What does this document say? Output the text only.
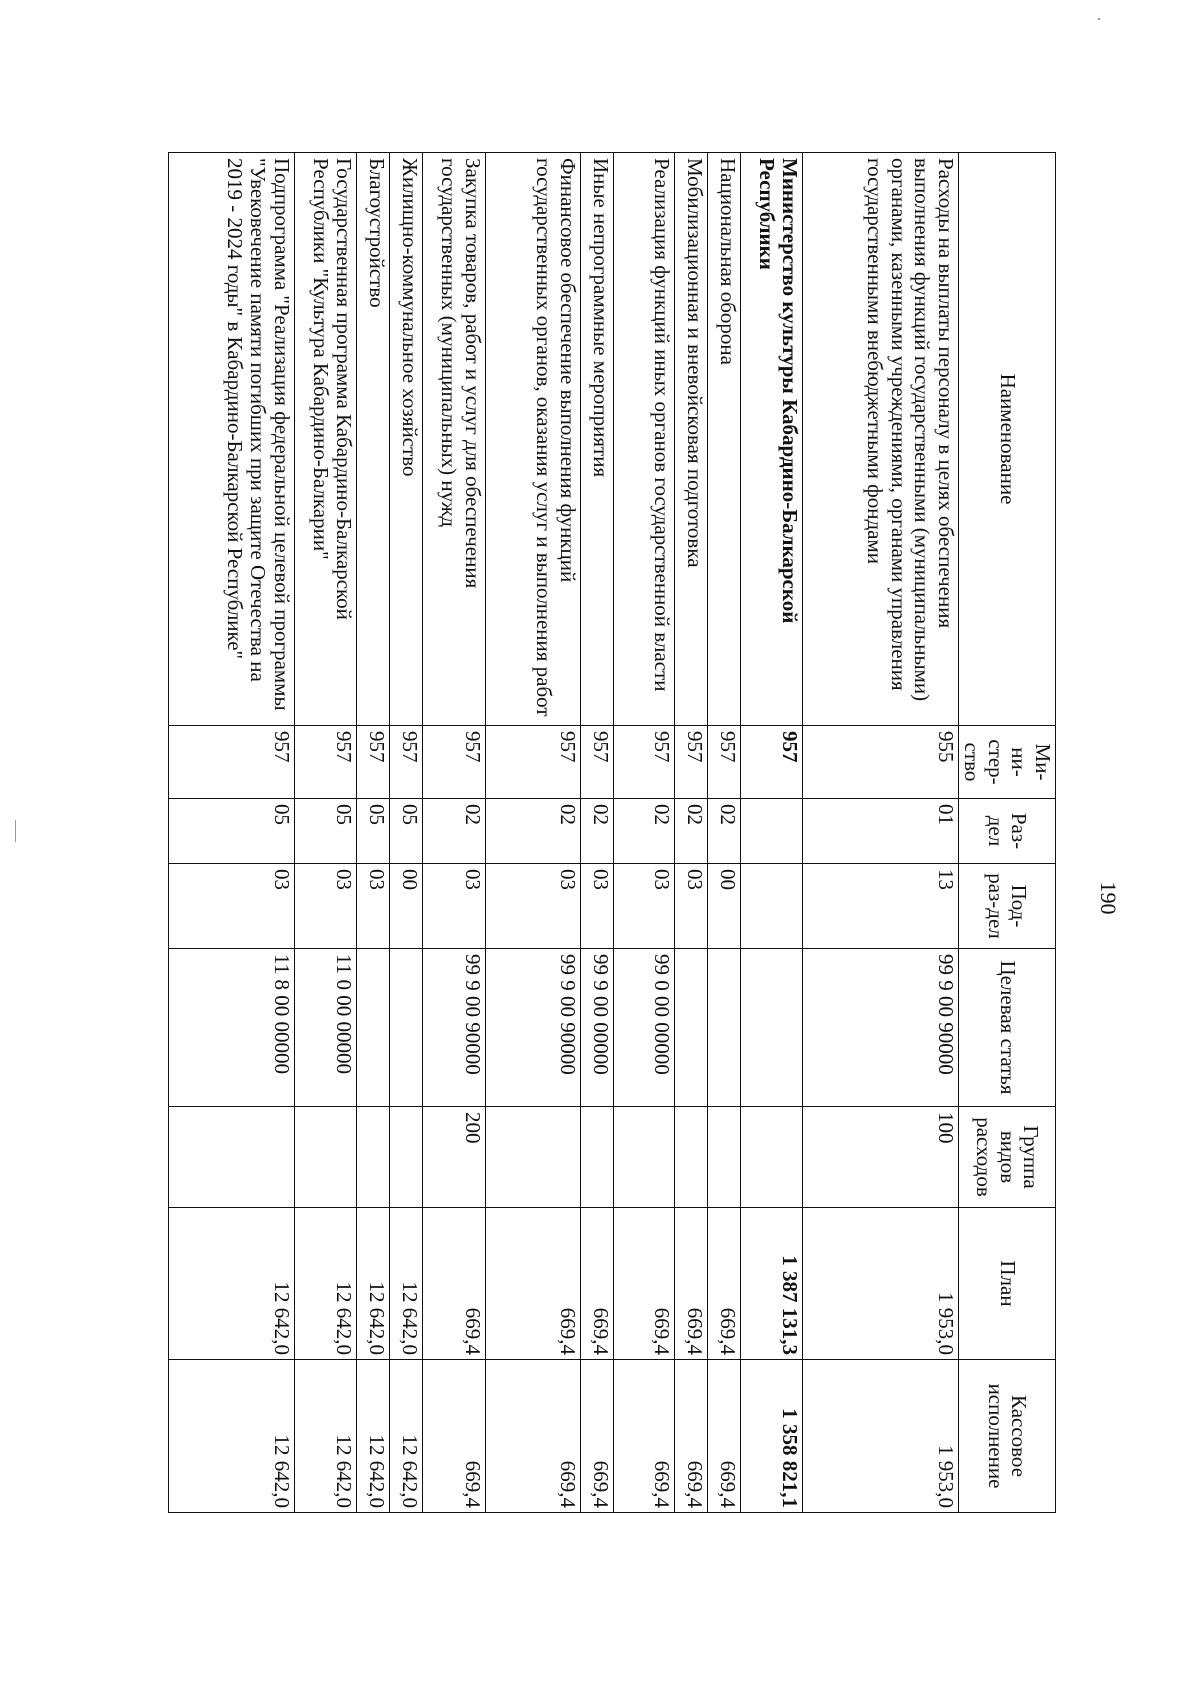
190
Наименование	Ми-ни-стер-ство	Раз-дел	Под-раз-дел	Целевая статья	Группа видов расходов	План	Кассовое исполнение
Расходы на выплаты персоналу в целях обеспечения выполнения функций государственными (муниципальными) органами, казенными учреждениями, органами управления государственными внебюджетными фондами	955	01	13	99 9 00 90000	100	1 953,0	1 953,0
Министерство культуры Кабардино-Балкарской Республики	957					1 387 131,3	1 358 821,1
Национальная оборона	957	02	00			669,4	669,4
Мобилизационная и вневойсковая подготовка	957	02	03			669,4	669,4
Реализация функций иных органов государственной власти	957	02	03	99 0 00 00000		669,4	669,4
Иные непрограммные мероприятия	957	02	03	99 9 00 00000		669,4	669,4
Финансовое обеспечение выполнения функций государственных органов, оказания услуг и выполнения работ	957	02	03	99 9 00 90000		669,4	669,4
Закупка товаров, работ и услуг для обеспечения государственных (муниципальных) нужд	957	02	03	99 9 00 90000	200	669,4	669,4
Жилищно-коммунальное хозяйство	957	05	00			12 642,0	12 642,0
Благоустройство	957	05	03			12 642,0	12 642,0
Государственная программа Кабардино-Балкарской Республики "Культура Кабардино-Балкарии"	957	05	03	11 0 00 00000		12 642,0	12 642,0
Подпрограмма "Реализация федеральной целевой программы "Увековечение памяти погибших при защите Отечества на 2019 - 2024 годы" в Кабардино-Балкарской Республике"	957	05	03	11 8 00 00000		12 642,0	12 642,0
